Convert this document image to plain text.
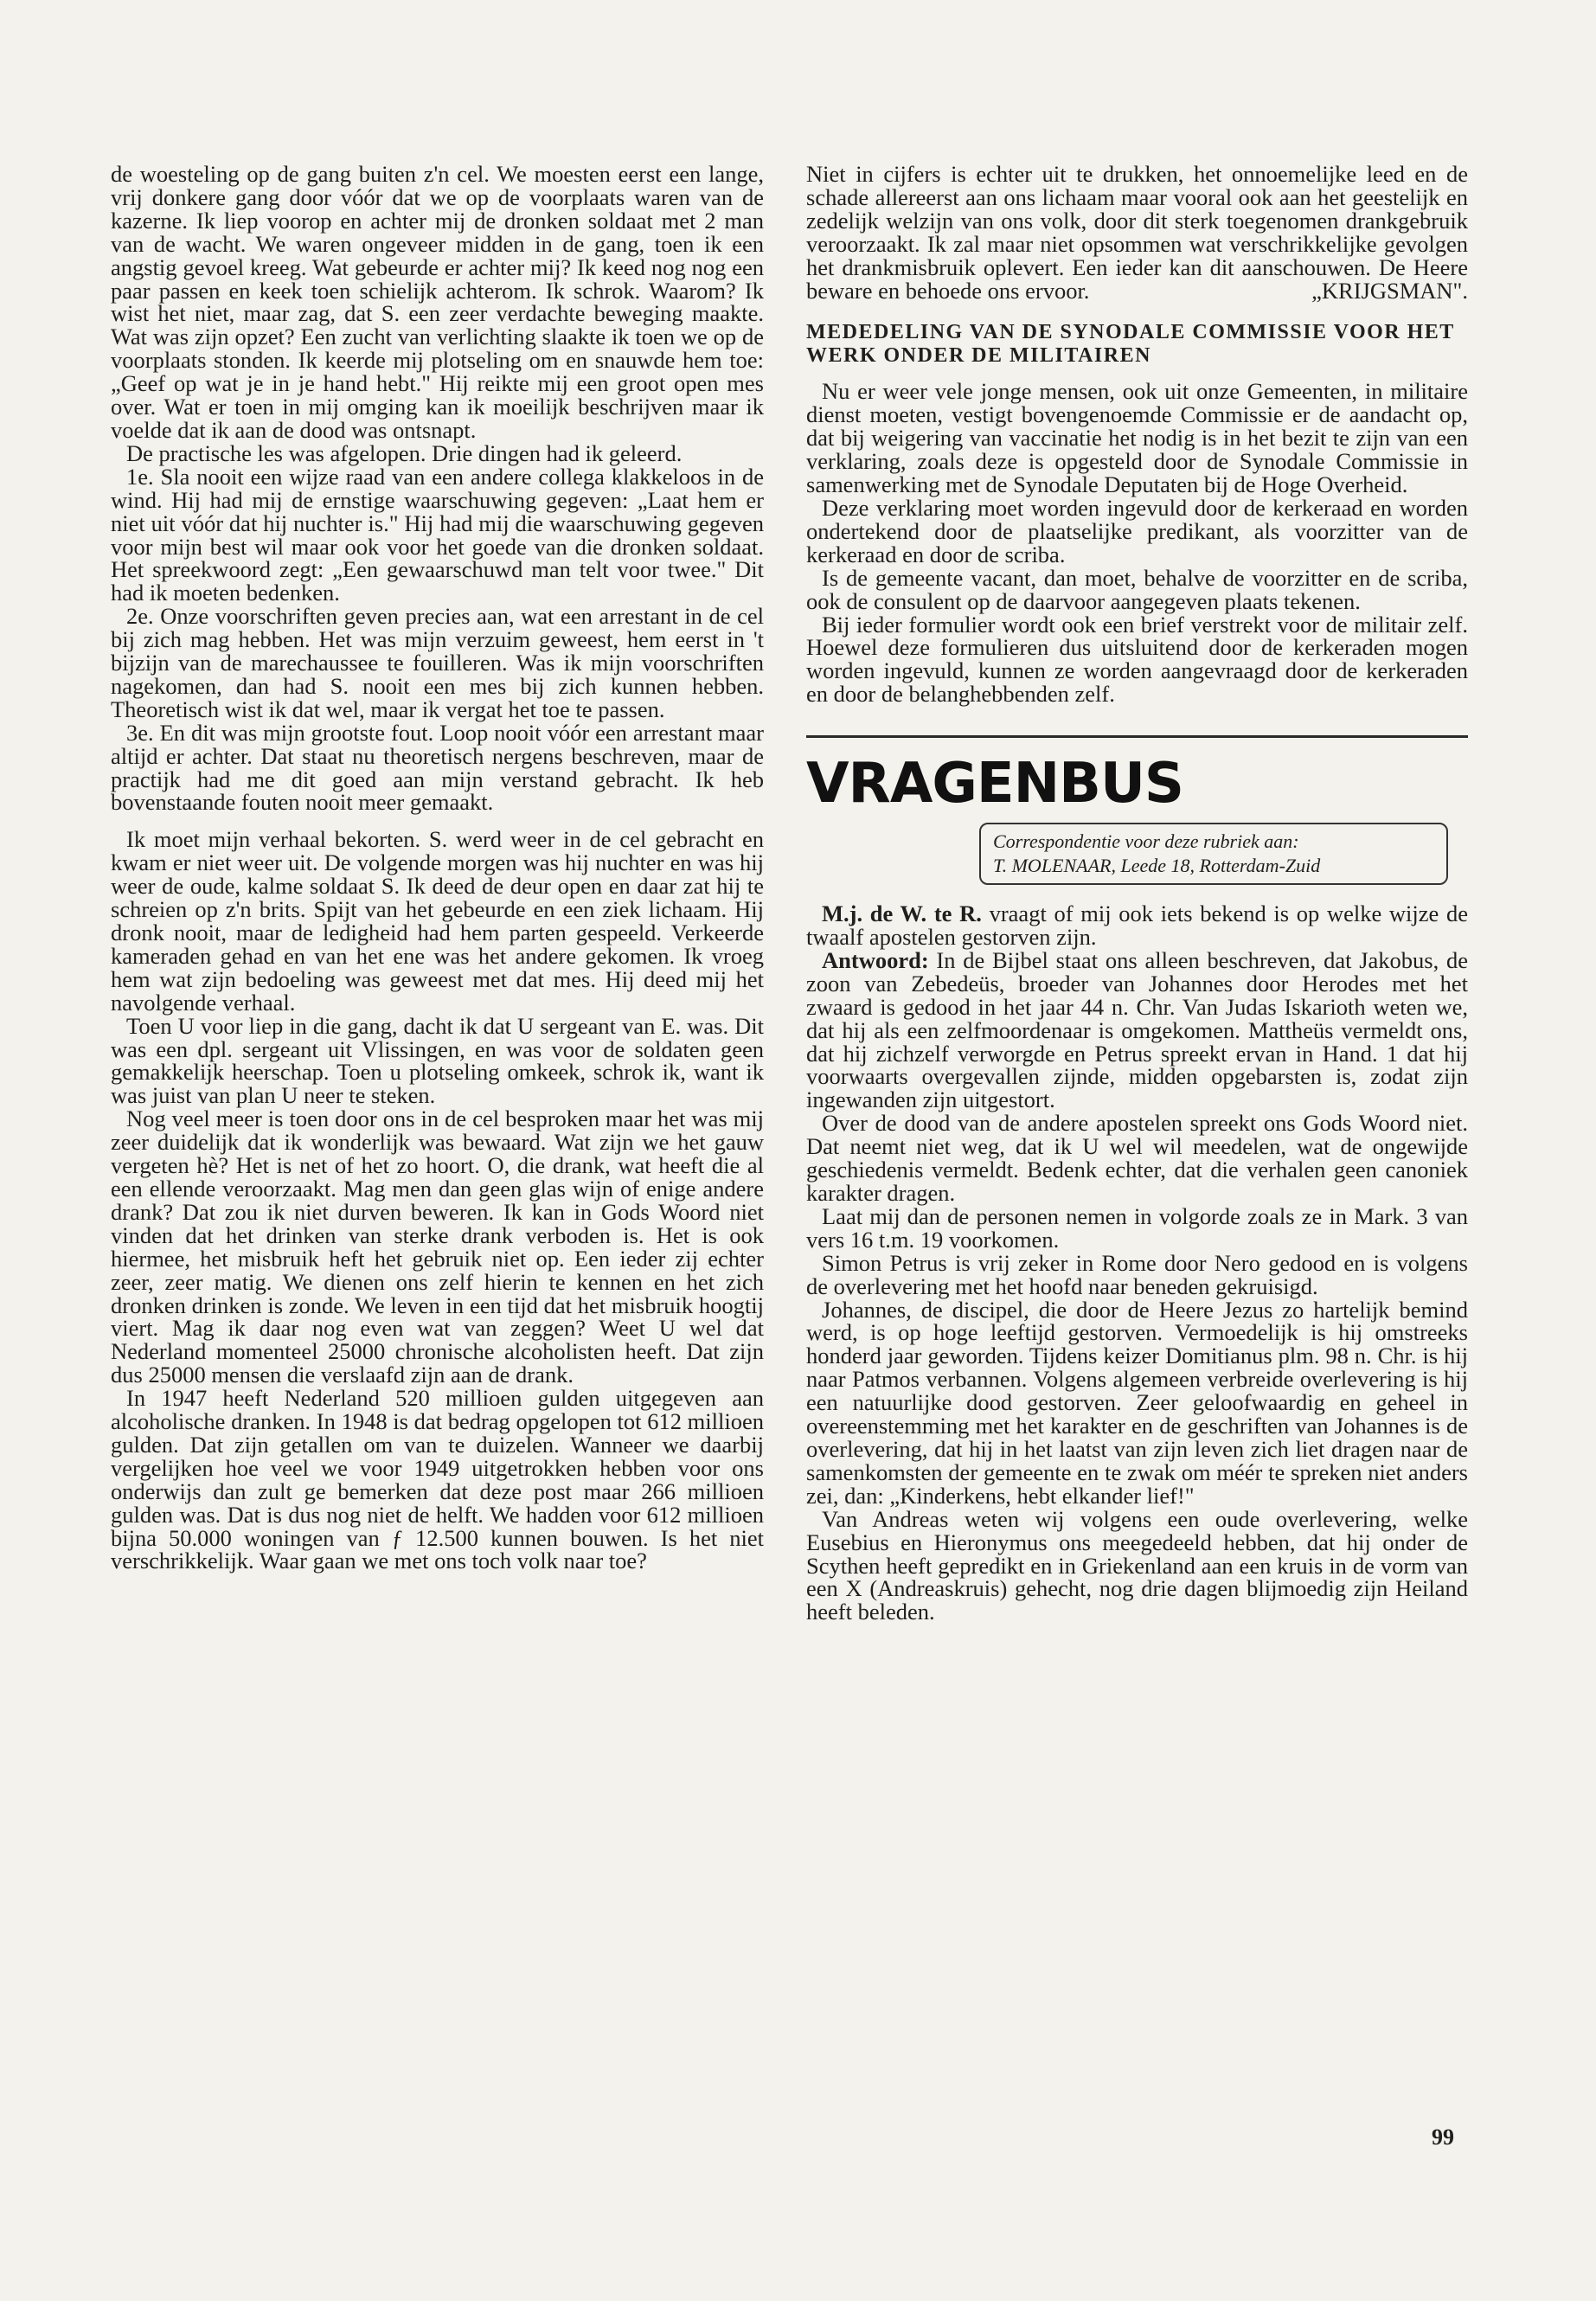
de woesteling op de gang buiten z'n cel. We moesten eerst een lange, vrij donkere gang door vóór dat we op de voorplaats waren van de kazerne. Ik liep voorop en achter mij de dronken soldaat met 2 man van de wacht. We waren ongeveer midden in de gang, toen ik een angstig gevoel kreeg. Wat gebeurde er achter mij? Ik keed nog nog een paar passen en keek toen schielijk achterom. Ik schrok. Waarom? Ik wist het niet, maar zag, dat S. een zeer verdachte beweging maakte. Wat was zijn opzet? Een zucht van verlichting slaakte ik toen we op de voorplaats stonden. Ik keerde mij plotseling om en snauwde hem toe: „Geef op wat je in je hand hebt." Hij reikte mij een groot open mes over. Wat er toen in mij omging kan ik moeilijk beschrijven maar ik voelde dat ik aan de dood was ontsnapt.

De practische les was afgelopen. Drie dingen had ik geleerd.

1e. Sla nooit een wijze raad van een andere collega klakkeloos in de wind. Hij had mij de ernstige waarschuwing gegeven: „Laat hem er niet uit vóór dat hij nuchter is." Hij had mij die waarschuwing gegeven voor mijn best wil maar ook voor het goede van die dronken soldaat. Het spreekwoord zegt: „Een gewaarschuwd man telt voor twee." Dit had ik moeten bedenken.

2e. Onze voorschriften geven precies aan, wat een arrestant in de cel bij zich mag hebben. Het was mijn verzuim geweest, hem eerst in 't bijzijn van de marechaussee te fouilleren. Was ik mijn voorschriften nagekomen, dan had S. nooit een mes bij zich kunnen hebben. Theoretisch wist ik dat wel, maar ik vergat het toe te passen.

3e. En dit was mijn grootste fout. Loop nooit vóór een arrestant maar altijd er achter. Dat staat nu theoretisch nergens beschreven, maar de practijk had me dit goed aan mijn verstand gebracht. Ik heb bovenstaande fouten nooit meer gemaakt.

Ik moet mijn verhaal bekorten. S. werd weer in de cel gebracht en kwam er niet weer uit. De volgende morgen was hij nuchter en was hij weer de oude, kalme soldaat S. Ik deed de deur open en daar zat hij te schreien op z'n brits. Spijt van het gebeurde en een ziek lichaam. Hij dronk nooit, maar de ledigheid had hem parten gespeeld. Verkeerde kameraden gehad en van het ene was het andere gekomen. Ik vroeg hem wat zijn bedoeling was geweest met dat mes. Hij deed mij het navolgende verhaal.

Toen U voor liep in die gang, dacht ik dat U sergeant van E. was. Dit was een dpl. sergeant uit Vlissingen, en was voor de soldaten geen gemakkelijk heerschap. Toen u plotseling omkeek, schrok ik, want ik was juist van plan U neer te steken.

Nog veel meer is toen door ons in de cel besproken maar het was mij zeer duidelijk dat ik wonderlijk was bewaard. Wat zijn we het gauw vergeten hè? Het is net of het zo hoort. O, die drank, wat heeft die al een ellende veroorzaakt. Mag men dan geen glas wijn of enige andere drank? Dat zou ik niet durven beweren. Ik kan in Gods Woord niet vinden dat het drinken van sterke drank verboden is. Het is ook hiermee, het misbruik heft het gebruik niet op. Een ieder zij echter zeer, zeer matig. We dienen ons zelf hierin te kennen en het zich dronken drinken is zonde. We leven in een tijd dat het misbruik hoogtij viert. Mag ik daar nog even wat van zeggen? Weet U wel dat Nederland momenteel 25000 chronische alcoholisten heeft. Dat zijn dus 25000 mensen die verslaafd zijn aan de drank.

In 1947 heeft Nederland 520 millioen gulden uitgegeven aan alcoholische dranken. In 1948 is dat bedrag opgelopen tot 612 millioen gulden. Dat zijn getallen om van te duizelen. Wanneer we daarbij vergelijken hoe veel we voor 1949 uitgetrokken hebben voor ons onderwijs dan zult ge bemerken dat deze post maar 266 millioen gulden was. Dat is dus nog niet de helft. We hadden voor 612 millioen bijna 50.000 woningen van ƒ 12.500 kunnen bouwen. Is het niet verschrikkelijk. Waar gaan we met ons toch volk naar toe?

Niet in cijfers is echter uit te drukken, het onnoemelijke leed en de schade allereerst aan ons lichaam maar vooral ook aan het geestelijk en zedelijk welzijn van ons volk, door dit sterk toegenomen drankgebruik veroorzaakt. Ik zal maar niet opsommen wat verschrikkelijke gevolgen het drankmisbruik oplevert. Een ieder kan dit aanschouwen. De Heere beware en behoede ons ervoor.	„KRIJGSMAN".

MEDEDELING VAN DE SYNODALE COMMISSIE VOOR HET WERK ONDER DE MILITAIREN

Nu er weer vele jonge mensen, ook uit onze Gemeenten, in militaire dienst moeten, vestigt bovengenoemde Commissie er de aandacht op, dat bij weigering van vaccinatie het nodig is in het bezit te zijn van een verklaring, zoals deze is opgesteld door de Synodale Commissie in samenwerking met de Synodale Deputaten bij de Hoge Overheid.

Deze verklaring moet worden ingevuld door de kerkeraad en worden ondertekend door de plaatselijke predikant, als voorzitter van de kerkeraad en door de scriba.

Is de gemeente vacant, dan moet, behalve de voorzitter en de scriba, ook de consulent op de daarvoor aangegeven plaats tekenen.

Bij ieder formulier wordt ook een brief verstrekt voor de militair zelf. Hoewel deze formulieren dus uitsluitend door de kerkeraden mogen worden ingevuld, kunnen ze worden aangevraagd door de kerkeraden en door de belanghebbenden zelf.

VRAGENBUS
Correspondentie voor deze rubriek aan:
T. MOLENAAR, Leede 18, Rotterdam-Zuid

M.j. de W. te R. vraagt of mij ook iets bekend is op welke wijze de twaalf apostelen gestorven zijn.

Antwoord: In de Bijbel staat ons alleen beschreven, dat Jakobus, de zoon van Zebedeüs, broeder van Johannes door Herodes met het zwaard is gedood in het jaar 44 n. Chr. Van Judas Iskarioth weten we, dat hij als een zelfmoordenaar is omgekomen. Mattheüs vermeldt ons, dat hij zichzelf verworgde en Petrus spreekt ervan in Hand. 1 dat hij voorwaarts overgevallen zijnde, midden opgebarsten is, zodat zijn ingewanden zijn uitgestort.

Over de dood van de andere apostelen spreekt ons Gods Woord niet. Dat neemt niet weg, dat ik U wel wil meedelen, wat de ongewijde geschiedenis vermeldt. Bedenk echter, dat die verhalen geen canoniek karakter dragen.

Laat mij dan de personen nemen in volgorde zoals ze in Mark. 3 van vers 16 t.m. 19 voorkomen.

Simon Petrus is vrij zeker in Rome door Nero gedood en is volgens de overlevering met het hoofd naar beneden gekruisigd.

Johannes, de discipel, die door de Heere Jezus zo hartelijk bemind werd, is op hoge leeftijd gestorven. Vermoedelijk is hij omstreeks honderd jaar geworden. Tijdens keizer Domitianus plm. 98 n. Chr. is hij naar Patmos verbannen. Volgens algemeen verbreide overlevering is hij een natuurlijke dood gestorven. Zeer geloofwaardig en geheel in overeenstemming met het karakter en de geschriften van Johannes is de overlevering, dat hij in het laatst van zijn leven zich liet dragen naar de samenkomsten der gemeente en te zwak om méér te spreken niet anders zei, dan: „Kinderkens, hebt elkander lief!"

Van Andreas weten wij volgens een oude overlevering, welke Eusebius en Hieronymus ons meegedeeld hebben, dat hij onder de Scythen heeft gepredikt en in Griekenland aan een kruis in de vorm van een X (Andreaskruis) gehecht, nog drie dagen blijmoedig zijn Heiland heeft beleden.

99
